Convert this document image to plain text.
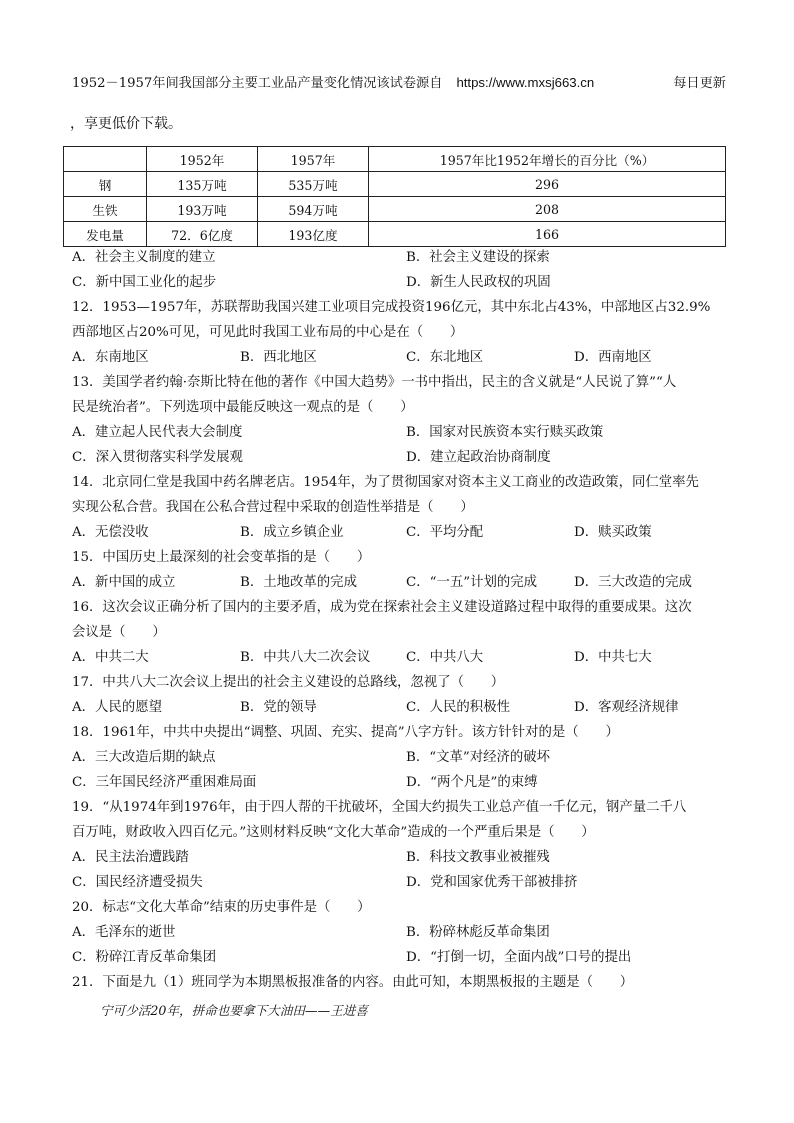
1952－1957年间我国部分主要工业品产量变化情况该试卷源自 https://www.mxsj663.cn	每日更新
，享更低价下载。
	1952年	1957年	1957年比1952年增长的百分比（%）
钢	135万吨	535万吨	296
生铁	193万吨	594万吨	208
发电量	72．6亿度	193亿度	166
A．社会主义制度的建立	B．社会主义建设的探索
C．新中国工业化的起步	D．新生人民政权的巩固
12．1953—1957年，苏联帮助我国兴建工业项目完成投资196亿元，其中东北占43%，中部地区占32.9%
西部地区占20%可见，可见此时我国工业布局的中心是在（　　）
A．东南地区	B．西北地区	C．东北地区	D．西南地区
13．美国学者约翰·奈斯比特在他的著作《中国大趋势》一书中指出，民主的含义就是“人民说了算”“人
民是统治者”。下列选项中最能反映这一观点的是（　　）
A．建立起人民代表大会制度	B．国家对民族资本实行赎买政策
C．深入贯彻落实科学发展观	D．建立起政治协商制度
14．北京同仁堂是我国中药名牌老店。1954年，为了贯彻国家对资本主义工商业的改造政策，同仁堂率先
实现公私合营。我国在公私合营过程中采取的创造性举措是（　　）
A．无偿没收	B．成立乡镇企业	C．平均分配	D．赎买政策
15．中国历史上最深刻的社会变革指的是（　　）
A．新中国的成立	B．土地改革的完成	C．“一五”计划的完成	D．三大改造的完成
16．这次会议正确分析了国内的主要矛盾，成为党在探索社会主义建设道路过程中取得的重要成果。这次
会议是（　　）
A．中共二大	B．中共八大二次会议	C．中共八大	D．中共七大
17．中共八大二次会议上提出的社会主义建设的总路线，忽视了（　　）
A．人民的愿望	B．党的领导	C．人民的积极性	D．客观经济规律
18．1961年，中共中央提出“调整、巩固、充实、提高”八字方针。该方针针对的是（　　）
A．三大改造后期的缺点	B．“文革”对经济的破坏
C．三年国民经济严重困难局面	D．“两个凡是”的束缚
19．“从1974年到1976年，由于四人帮的干扰破坏，全国大约损失工业总产值一千亿元，钢产量二千八
百万吨，财政收入四百亿元。”这则材料反映“文化大革命”造成的一个严重后果是（　　）
A．民主法治遭践踏	B．科技文教事业被摧残
C．国民经济遭受损失	D．党和国家优秀干部被排挤
20．标志“文化大革命”结束的历史事件是（　　）
A．毛泽东的逝世	B．粉碎林彪反革命集团
C．粉碎江青反革命集团	D．“打倒一切，全面内战”口号的提出
21．下面是九（1）班同学为本期黑板报准备的内容。由此可知，本期黑板报的主题是（　　）
宁可少活20年，拼命也要拿下大油田——王进喜
